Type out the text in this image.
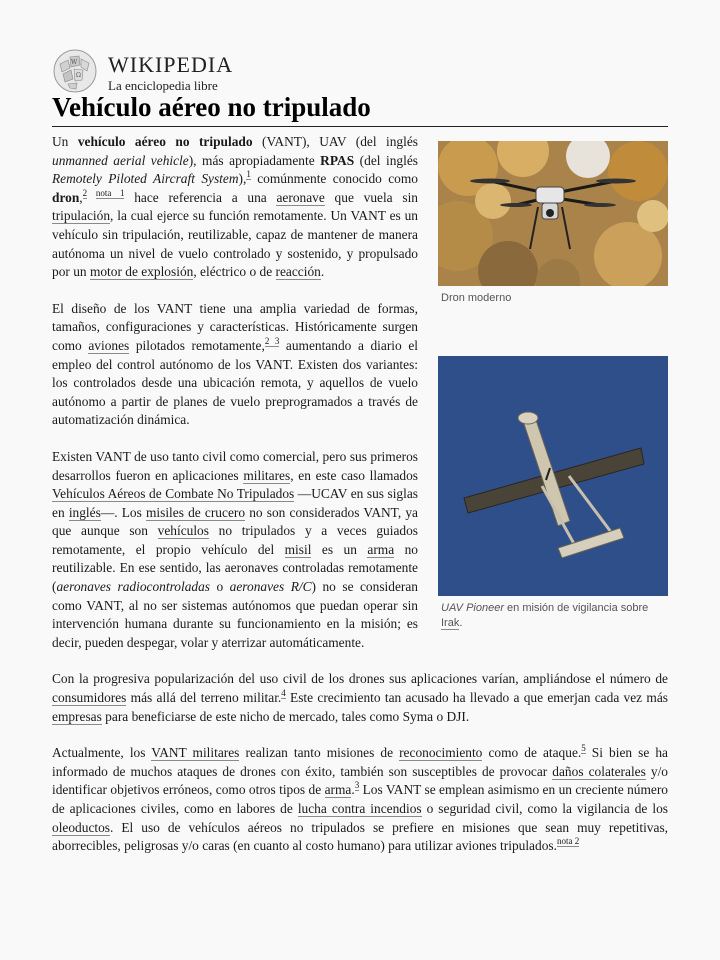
W
Ω WIKIPEDIA
La enciclopedia libre
Vehículo aéreo no tripulado
Dron moderno
UAV Pioneer en misión de vigilancia sobre Irak.

Un vehículo aéreo no tripulado (VANT), UAV (del inglés unmanned aerial vehicle), más apropiadamente RPAS (del inglés Remotely Piloted Aircraft System),$^1$ comúnmente conocido como dron,$^{2 nota 1}$ hace referencia a una aeronave que vuela sin tripulación, la cual ejerce su función remotamente. Un VANT es un vehículo sin tripulación, reutilizable, capaz de mantener de manera autónoma un nivel de vuelo controlado y sostenido, y propulsado por un motor de explosión, eléctrico o de reacción.

El diseño de los VANT tiene una amplia variedad de formas, tamaños, configuraciones y características. Históricamente surgen como aviones pilotados remotamente,$^{2 3}$ aumentando a diario el empleo del control autónomo de los VANT. Existen dos variantes: los controlados desde una ubicación remota, y aquellos de vuelo autónomo a partir de planes de vuelo preprogramados a través de automatización dinámica.

Existen VANT de uso tanto civil como comercial, pero sus primeros desarrollos fueron en aplicaciones militares, en este caso llamados Vehículos Aéreos de Combate No Tripulados —UCAV en sus siglas en inglés—. Los misiles de crucero no son considerados VANT, ya que aunque son vehículos no tripulados y a veces guiados remotamente, el propio vehículo del misil es un arma no reutilizable. En ese sentido, las aeronaves controladas remotamente (aeronaves radiocontroladas o aeronaves R/C) no se consideran como VANT, al no ser sistemas autónomos que puedan operar sin intervención humana durante su funcionamiento en la misión; es decir, pueden despegar, volar y aterrizar automáticamente.

Con la progresiva popularización del uso civil de los drones sus aplicaciones varían, ampliándose el número de consumidores más allá del terreno militar.$^4$ Este crecimiento tan acusado ha llevado a que emerjan cada vez más empresas para beneficiarse de este nicho de mercado, tales como Syma o DJI.

Actualmente, los VANT militares realizan tanto misiones de reconocimiento como de ataque.$^5$ Si bien se ha informado de muchos ataques de drones con éxito, también son susceptibles de provocar daños colaterales y/o identificar objetivos erróneos, como otros tipos de arma.$^3$ Los VANT se emplean asimismo en un creciente número de aplicaciones civiles, como en labores de lucha contra incendios o seguridad civil, como la vigilancia de los oleoductos. El uso de vehículos aéreos no tripulados se prefiere en misiones que sean muy repetitivas, aborrecibles, peligrosas y/o caras (en cuanto al costo humano) para utilizar aviones tripulados.$^{nota 2}$
